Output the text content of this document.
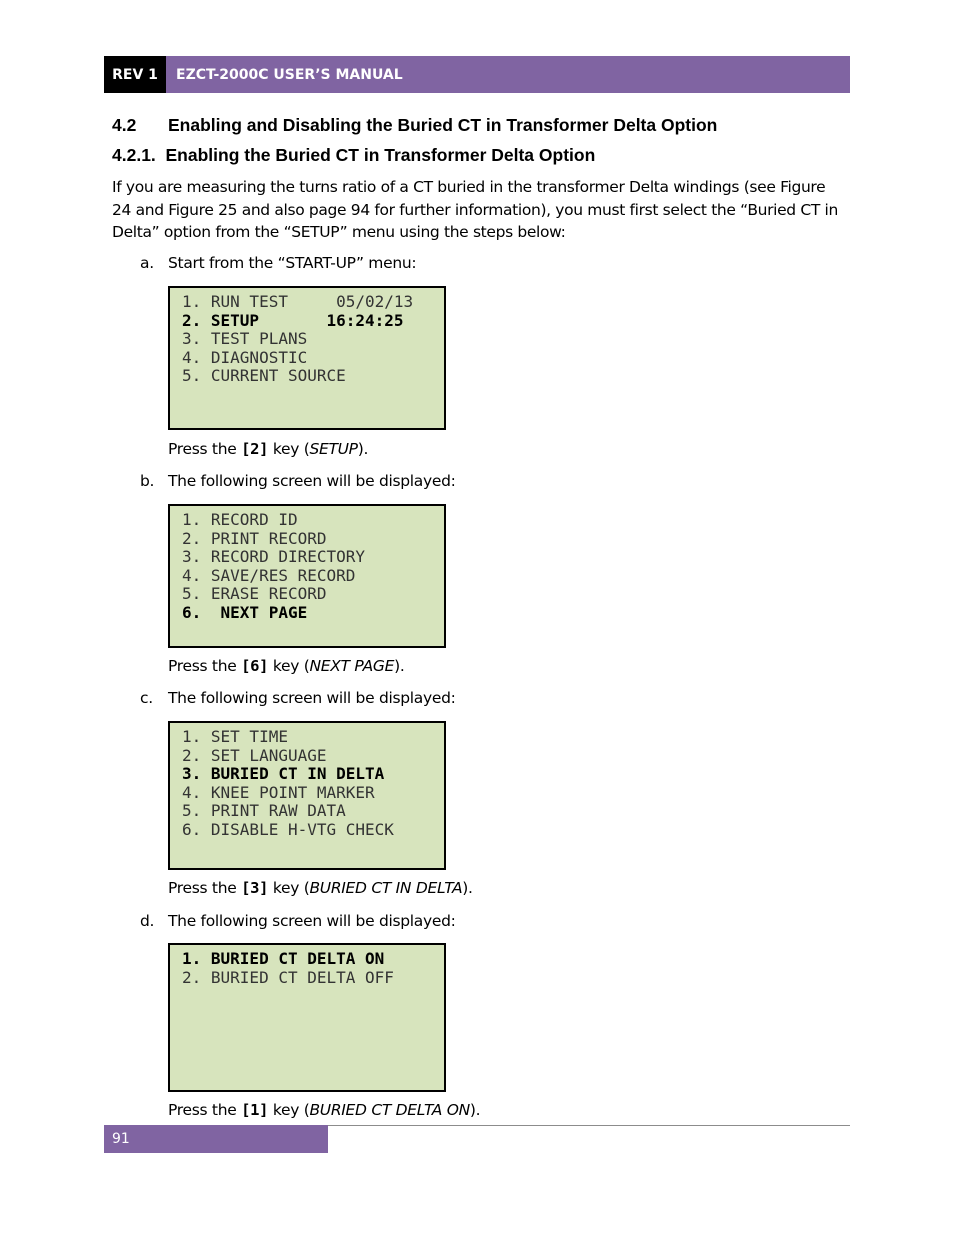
REV 1	EZCT-2000C USER’S MANUAL
4.2 Enabling and Disabling the Buried CT in Transformer Delta Option
4.2.1.  Enabling the Buried CT in Transformer Delta Option
If you are measuring the turns ratio of a CT buried in the transformer Delta windings (see Figure 24 and Figure 25 and also page 94 for further information), you must first select the “Buried CT in Delta” option from the “SETUP” menu using the steps below:
a. Start from the “START-UP” menu:
1. RUN TEST     05/02/13
2. SETUP       16:24:25
3. TEST PLANS
4. DIAGNOSTIC
5. CURRENT SOURCE
Press the [2] key (SETUP).
b. The following screen will be displayed:
1. RECORD ID
2. PRINT RECORD
3. RECORD DIRECTORY
4. SAVE/RES RECORD
5. ERASE RECORD
6.  NEXT PAGE
Press the [6] key (NEXT PAGE).
c. The following screen will be displayed:
1. SET TIME
2. SET LANGUAGE
3. BURIED CT IN DELTA
4. KNEE POINT MARKER
5. PRINT RAW DATA
6. DISABLE H-VTG CHECK
Press the [3] key (BURIED CT IN DELTA).
d. The following screen will be displayed:
1. BURIED CT DELTA ON
2. BURIED CT DELTA OFF
Press the [1] key (BURIED CT DELTA ON).
91
